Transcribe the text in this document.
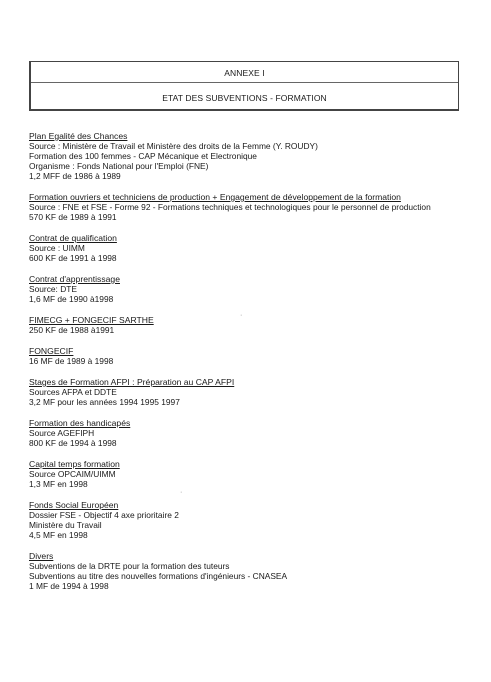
ANNEXE I
ETAT DES SUBVENTIONS - FORMATION
Plan Egalité des Chances
Source : Ministère de Travail et Ministère des droits de la Femme (Y. ROUDY)
Formation des 100 femmes - CAP Mécanique et Electronique
Organisme : Fonds National pour l'Emploi (FNE)
1,2 MFF de 1986 à 1989
Formation ouvriers et techniciens de production + Engagement de développement de la formation
Source : FNE et FSE - Forme 92 - Formations techniques et technologiques pour le personnel de production
570 KF de 1989 à 1991
Contrat de qualification
Source : UIMM
600 KF de 1991 à 1998
Contrat d'apprentissage
Source: DTE
1,6 MF de 1990 à1998
FIMECG + FONGECIF SARTHE
250 KF de 1988 à1991
FONGECIF
16 MF de 1989 à 1998
Stages de Formation AFPI : Préparation au CAP AFPI
Sources AFPA et DDTE
3,2 MF pour les années 1994 1995 1997
Formation des handicapés
Source AGEFIPH
800 KF de 1994 à 1998
Capital temps formation
Source OPCAIM/UIMM
1,3 MF en 1998
Fonds Social Européen
Dossier FSE - Objectif 4 axe prioritaire 2
Ministère du Travail
4,5 MF en 1998
Divers
Subventions de la DRTE pour la formation des tuteurs
Subventions au titre des nouvelles formations d'ingénieurs - CNASEA
1 MF de 1994 à 1998
·
·
